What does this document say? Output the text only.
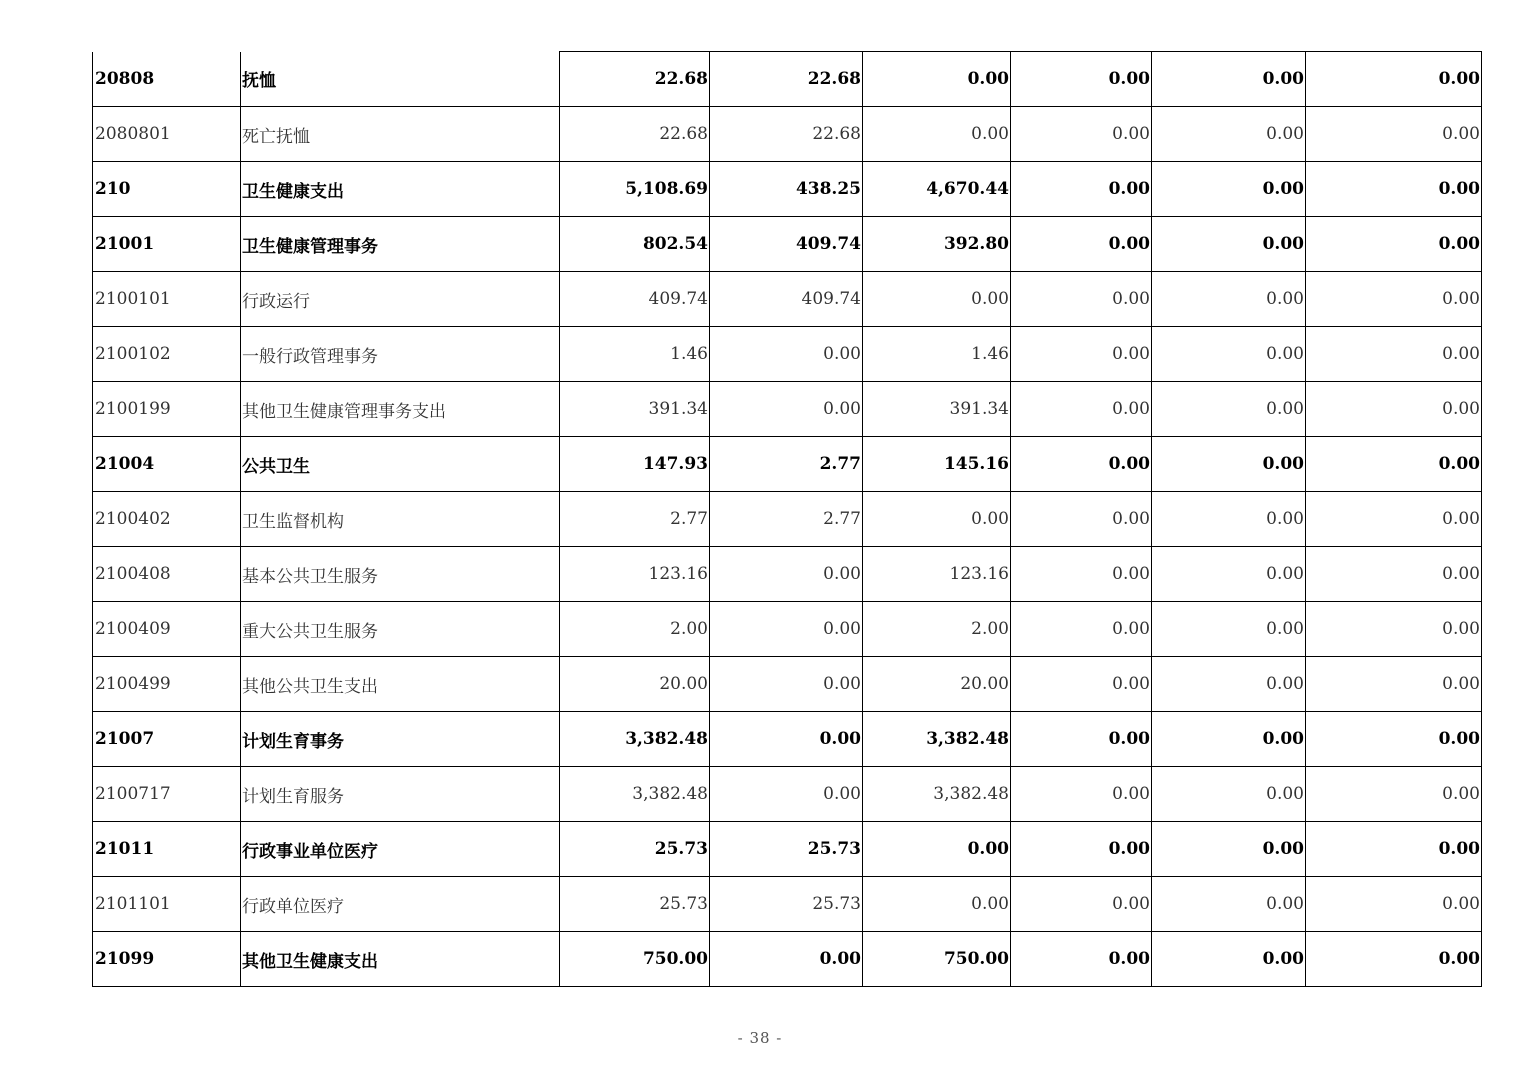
20808	抚恤	22.68	22.68	0.00	0.00	0.00	0.00
2080801	死亡抚恤	22.68	22.68	0.00	0.00	0.00	0.00
210	卫生健康支出	5,108.69	438.25	4,670.44	0.00	0.00	0.00
21001	卫生健康管理事务	802.54	409.74	392.80	0.00	0.00	0.00
2100101	行政运行	409.74	409.74	0.00	0.00	0.00	0.00
2100102	一般行政管理事务	1.46	0.00	1.46	0.00	0.00	0.00
2100199	其他卫生健康管理事务支出	391.34	0.00	391.34	0.00	0.00	0.00
21004	公共卫生	147.93	2.77	145.16	0.00	0.00	0.00
2100402	卫生监督机构	2.77	2.77	0.00	0.00	0.00	0.00
2100408	基本公共卫生服务	123.16	0.00	123.16	0.00	0.00	0.00
2100409	重大公共卫生服务	2.00	0.00	2.00	0.00	0.00	0.00
2100499	其他公共卫生支出	20.00	0.00	20.00	0.00	0.00	0.00
21007	计划生育事务	3,382.48	0.00	3,382.48	0.00	0.00	0.00
2100717	计划生育服务	3,382.48	0.00	3,382.48	0.00	0.00	0.00
21011	行政事业单位医疗	25.73	25.73	0.00	0.00	0.00	0.00
2101101	行政单位医疗	25.73	25.73	0.00	0.00	0.00	0.00
21099	其他卫生健康支出	750.00	0.00	750.00	0.00	0.00	0.00
- 38 -
